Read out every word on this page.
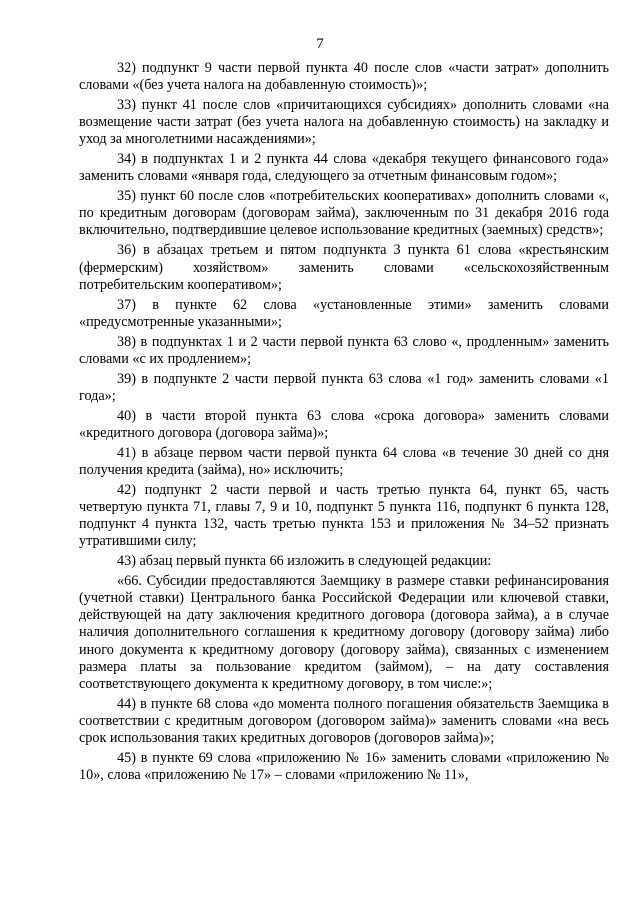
7

32) подпункт 9 части первой пункта 40 после слов «части затрат» дополнить словами «(без учета налога на добавленную стоимость)»;

33) пункт 41 после слов «причитающихся субсидиях» дополнить словами «на возмещение части затрат (без учета налога на добавленную стоимость) на закладку и уход за многолетними насаждениями»;

34) в подпунктах 1 и 2 пункта 44 слова «декабря текущего финансового года» заменить словами «января года, следующего за отчетным финансовым годом»;

35) пункт 60 после слов «потребительских кооперативах» дополнить словами «, по кредитным договорам (договорам займа), заключенным по 31 декабря 2016 года включительно, подтвердившие целевое использование кредитных (заемных) средств»;

36) в абзацах третьем и пятом подпункта 3 пункта 61 слова «крестьянским (фермерским) хозяйством» заменить словами «сельскохозяйственным потребительским кооперативом»;

37) в пункте 62 слова «установленные этими» заменить словами «предусмотренные указанными»;

38) в подпунктах 1 и 2 части первой пункта 63 слово «, продленным» заменить словами «с их продлением»;

39) в подпункте 2 части первой пункта 63 слова «1 год» заменить словами «1 года»;

40) в части второй пункта 63 слова «срока договора» заменить словами «кредитного договора (договора займа)»;

41) в абзаце первом части первой пункта 64 слова «в течение 30 дней со дня получения кредита (займа), но» исключить;

42) подпункт 2 части первой и часть третью пункта 64, пункт 65, часть четвертую пункта 71, главы 7, 9 и 10, подпункт 5 пункта 116, подпункт 6 пункта 128, подпункт 4 пункта 132, часть третью пункта 153 и приложения № 34–52 признать утратившими силу;

43) абзац первый пункта 66 изложить в следующей редакции:

«66. Субсидии предоставляются Заемщику в размере ставки рефинансирования (учетной ставки) Центрального банка Российской Федерации или ключевой ставки, действующей на дату заключения кредитного договора (договора займа), а в случае наличия дополнительного соглашения к кредитному договору (договору займа) либо иного документа к кредитному договору (договору займа), связанных с изменением размера платы за пользование кредитом (займом), – на дату составления соответствующего документа к кредитному договору, в том числе:»;

44) в пункте 68 слова «до момента полного погашения обязательств Заемщика в соответствии с кредитным договором (договором займа)» заменить словами «на весь срок использования таких кредитных договоров (договоров займа)»;

45) в пункте 69 слова «приложению № 16» заменить словами «приложению № 10», слова «приложению № 17» – словами «приложению № 11»,
